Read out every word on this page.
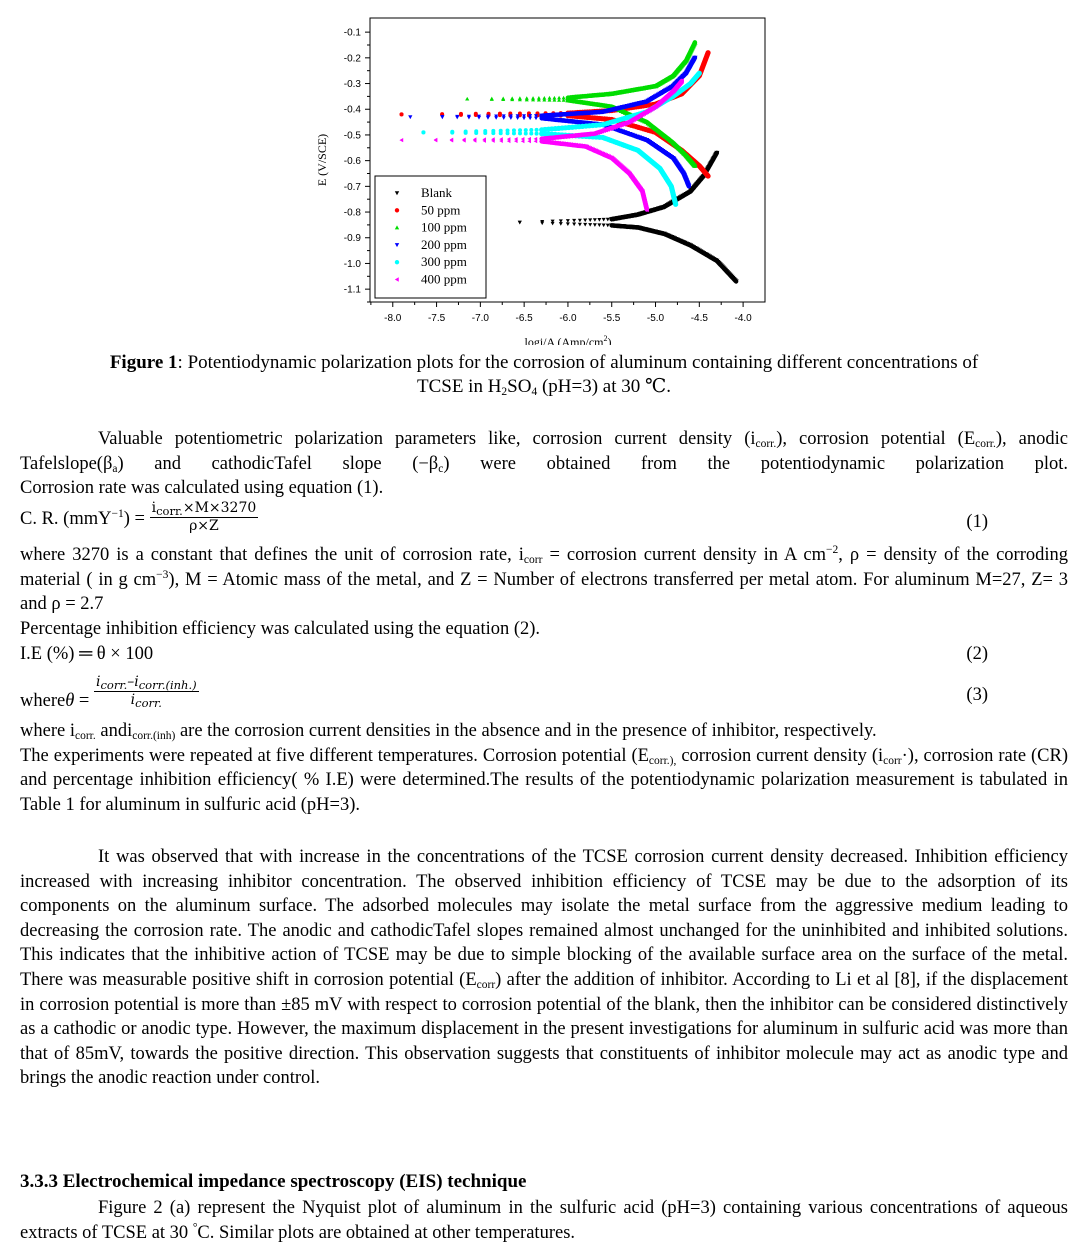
-8.0	-7.5	-7.0	-6.5	-6.0	-5.5	-5.0	-4.5	-4.0
-0.1
-0.2
-0.3
-0.4
-0.5
-0.6
-0.7
-0.8
-0.9
-1.0
-1.1
Blank
50 ppm
100 ppm
200 ppm
300 ppm
400 ppm
E (V/SCE)
logi/A $(Amp/cm^2)$
Figure 1: Potentiodynamic polarization plots for the corrosion of aluminum containing different concentrations of
TCSE in $H_2SO_4$ (pH=3) at 30 ℃.
Valuable potentiometric polarization parameters like, corrosion current density $(i_{corr.})$, corrosion potential $(E_{corr.})$, anodic $Tafelslope(\beta_a)$ and cathodicTafel slope $(-\beta_c)$ were obtained from the potentiodynamic polarization plot.
Corrosion rate was calculated using equation (1).
C. R. $(mmY^{-1}) = \frac{i_{corr.}\times M\times 3270}{\rho\times Z}$	(1)
where 3270 is a constant that defines the unit of corrosion rate, $i_{corr}$ = corrosion current density in A $cm^{-2}$, ρ = density of the corroding material ( in g $cm^{-3}$), M = Atomic mass of the metal, and Z = Number of electrons transferred per metal atom. For aluminum M=27, Z= 3 and ρ = 2.7
Percentage inhibition efficiency was calculated using the equation (2).
I.E (%) ═ θ × 100	(2)
whereθ = $\frac{i_{corr.}-i_{corr.(inh.)}}{i_{corr.}}$	(3)
where $i_{corr.}$ andi$_{corr.(inh)}$ are the corrosion current densities in the absence and in the presence of inhibitor, respectively.
The experiments were repeated at five different temperatures. Corrosion potential ($E_{corr.),}$ corrosion current density $(i_{corr}\cdot)$, corrosion rate (CR) and percentage inhibition efficiency( % I.E) were determined.The results of the potentiodynamic polarization measurement is tabulated in Table 1 for aluminum in sulfuric acid (pH=3).
It was observed that with increase in the concentrations of the TCSE corrosion current density decreased. Inhibition efficiency increased with increasing inhibitor concentration. The observed inhibition efficiency of TCSE may be due to the adsorption of its components on the aluminum surface. The adsorbed molecules may isolate the metal surface from the aggressive medium leading to decreasing the corrosion rate. The anodic and cathodicTafel slopes remained almost unchanged for the uninhibited and inhibited solutions. This indicates that the inhibitive action of TCSE may be due to simple blocking of the available surface area on the surface of the metal. There was measurable positive shift in corrosion potential $(E_{corr})$ after the addition of inhibitor. According to Li et al [8], if the displacement in corrosion potential is more than ±85 mV with respect to corrosion potential of the blank, then the inhibitor can be considered distinctively as a cathodic or anodic type. However, the maximum displacement in the present investigations for aluminum in sulfuric acid was more than that of 85mV, towards the positive direction. This observation suggests that constituents of inhibitor molecule may act as anodic type and brings the anodic reaction under control.
3.3.3 Electrochemical impedance spectroscopy (EIS) technique
Figure 2 (a) represent the Nyquist plot of aluminum in the sulfuric acid (pH=3) containing various concentrations of aqueous extracts of TCSE at 30 °C. Similar plots are obtained at other temperatures.
